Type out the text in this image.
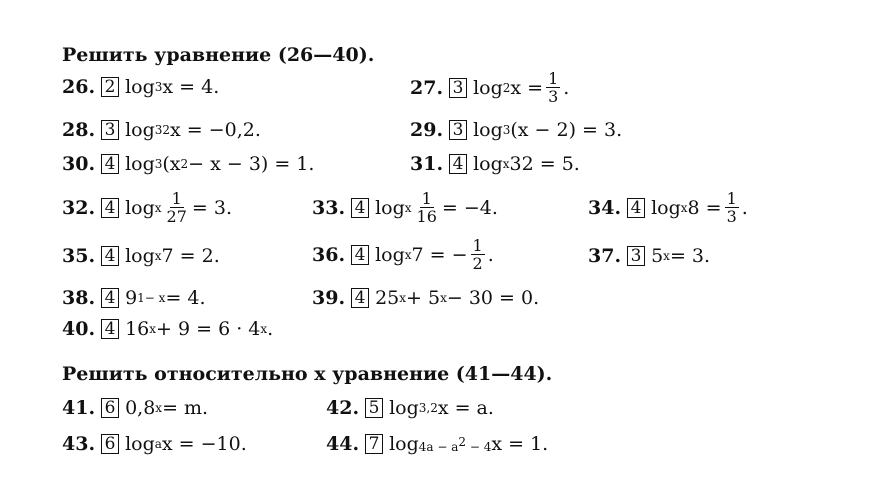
Решить уравнение (26—40).
26. 2 log 3 x = 4.	27. 3 log 2 $x = \frac{1}{3}$ .
28. 3 log 32 x = −0,2.	29. 3 log 3 (x − 2) = 3.
30. 4 log 3 (x 2 − x − 3) = 1.	31. 4 log x 32 = 5.
32. 4 log x $\frac{1}{27} = 3$.	33. 4 log x $\frac{1}{16} = -4$.	34. 4 log x $8 = \frac{1}{3}$ .
35. 4 log x 7 = 2.	36. 4 log x 7 = − $\frac{1}{2}$ .	37. 3 5 x = 3.
38. 4 9 1− x = 4.	39. 4 25 x + 5 x − 30 = 0.
40. 4 16 x + 9 = 6 · 4 x .
Решить относительно x уравнение (41—44).
41. 6 0,8 x = m.	42. 5 log 3,2 x = a.
43. 6 log a x = −10.	44. 7 $\log 4a - a^2 - 4$ x = 1.
